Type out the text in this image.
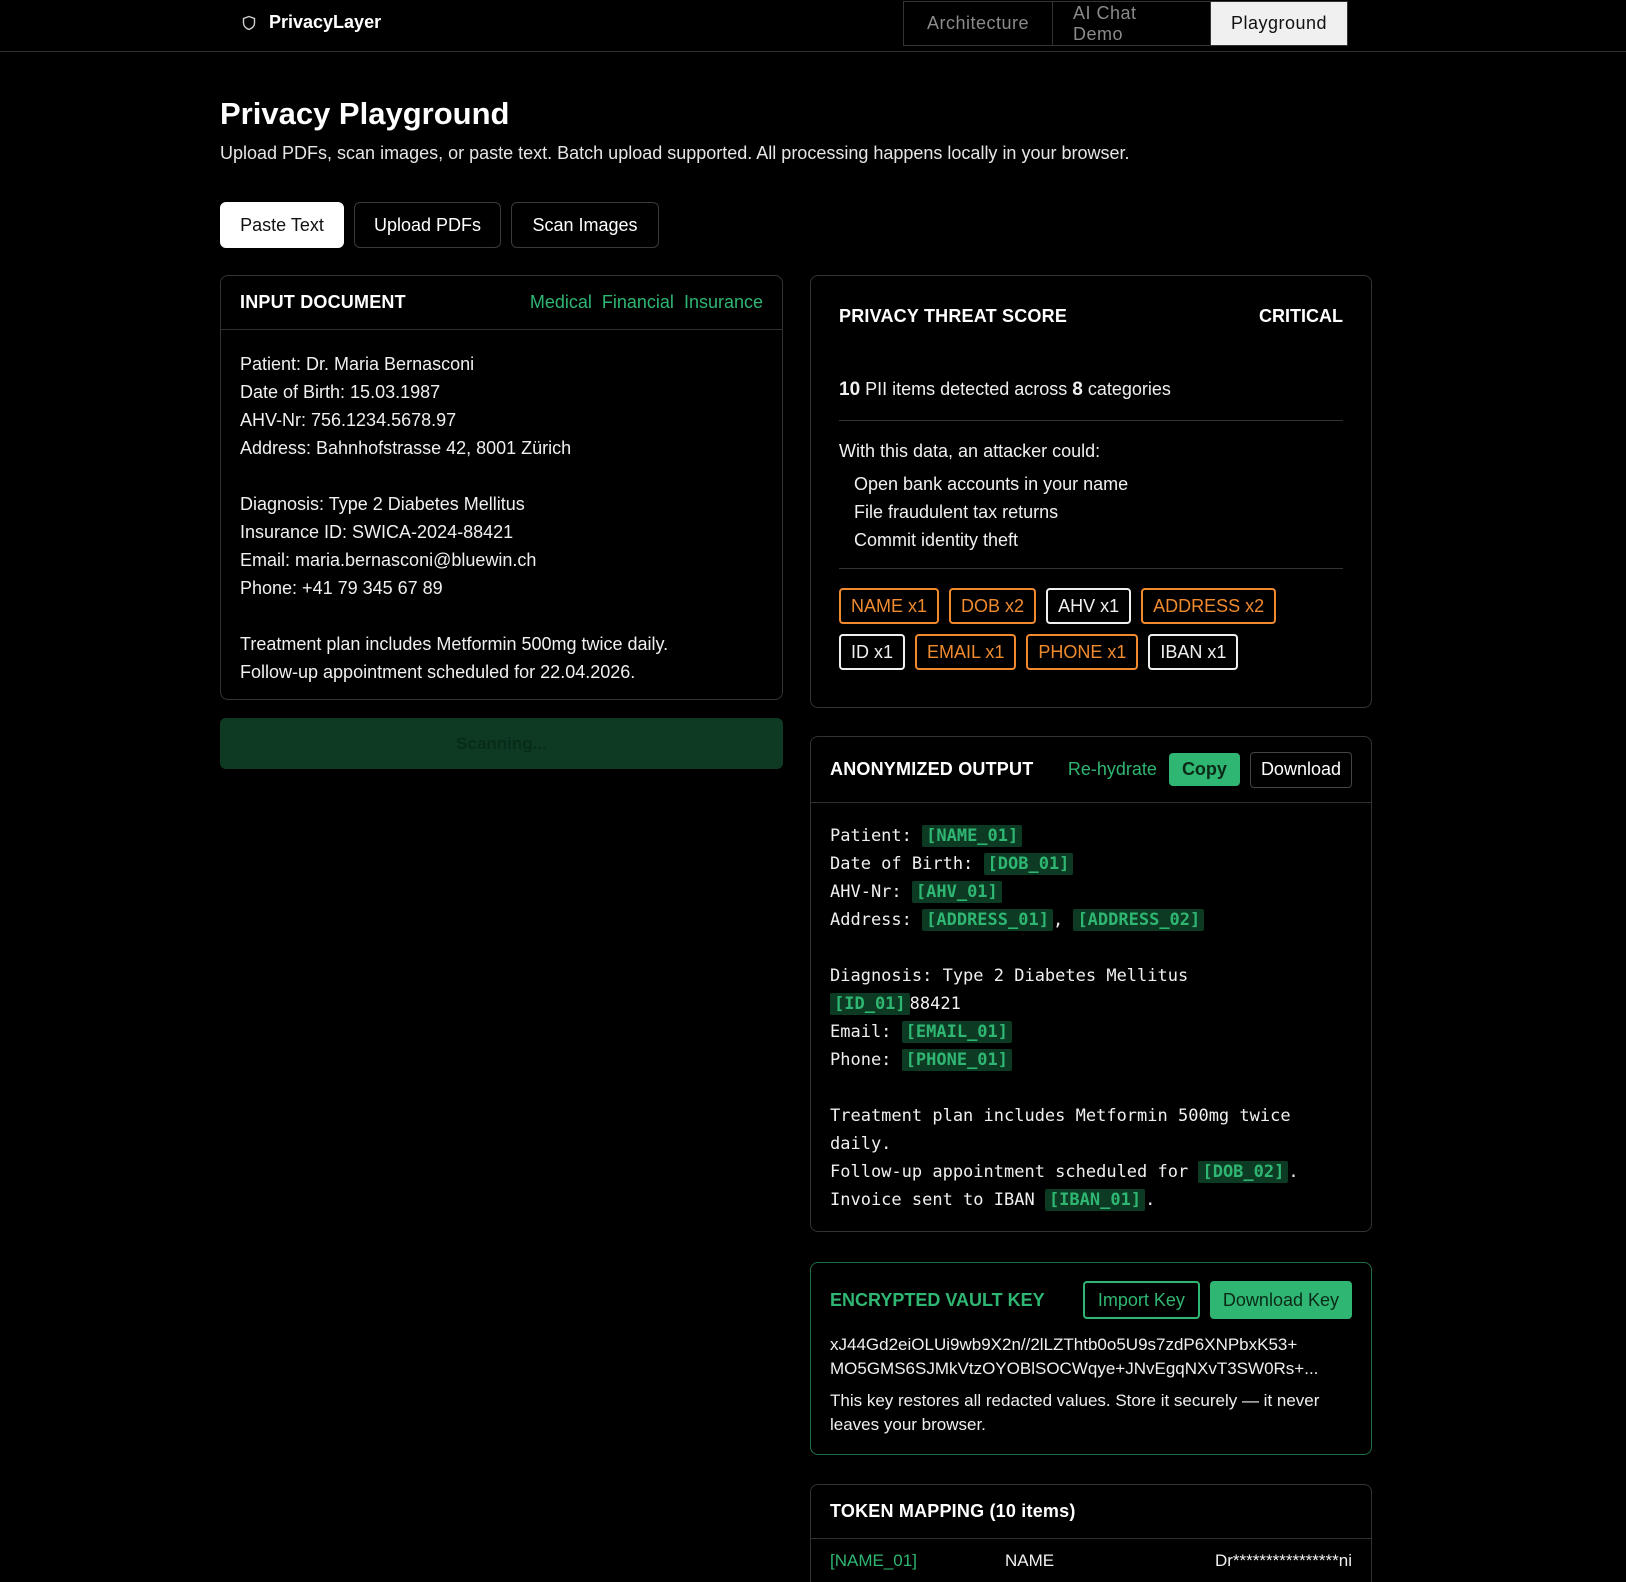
PrivacyLayer	Architecture
AI Chat Demo
Playground
Privacy Playground

Upload PDFs, scan images, or paste text. Batch upload supported. All processing happens locally in your browser.

Paste Text	Upload PDFs	Scan Images
INPUT DOCUMENT	Medical Financial Insurance
Patient: Dr. Maria Bernasconi
Date of Birth: 15.03.1987
AHV-Nr: 756.1234.5678.97
Address: Bahnhofstrasse 42, 8001 Zürich
Diagnosis: Type 2 Diabetes Mellitus
Insurance ID: SWICA-2024-88421
Email: maria.bernasconi@bluewin.ch
Phone: +41 79 345 67 89
Treatment plan includes Metformin 500mg twice daily.
Follow-up appointment scheduled for 22.04.2026.
Scanning...
PRIVACY THREAT SCORE	CRITICAL
10 PII items detected across 8 categories
With this data, an attacker could:
Open bank accounts in your name
File fraudulent tax returns
Commit identity theft
NAME x1	DOB x2	AHV x1	ADDRESS x2
ID x1	EMAIL x1	PHONE x1	IBAN x1
ANONYMIZED OUTPUT Re-hydrate	Copy	Download
Patient: [NAME_01]
Date of Birth: [DOB_01]
AHV-Nr: [AHV_01]
Address: [ADDRESS_01] , [ADDRESS_02]
Diagnosis: Type 2 Diabetes Mellitus
[ID_01] 88421
Email: [EMAIL_01]
Phone: [PHONE_01]
Treatment plan includes Metformin 500mg twice
daily.
Follow-up appointment scheduled for [DOB_02] .
Invoice sent to IBAN [IBAN_01] .
ENCRYPTED VAULT KEY	Import Key	Download Key
xJ44Gd2eiOLUi9wb9X2n//2lLZThtb0o5U9s7zdP6XNPbxK53+
MO5GMS6SJMkVtzOYOBlSOCWqye+JNvEgqNXvT3SW0Rs+...
This key restores all redacted values. Store it securely — it never leaves your browser.
TOKEN MAPPING (10 items)
[NAME_01]	NAME	Dr****************ni
